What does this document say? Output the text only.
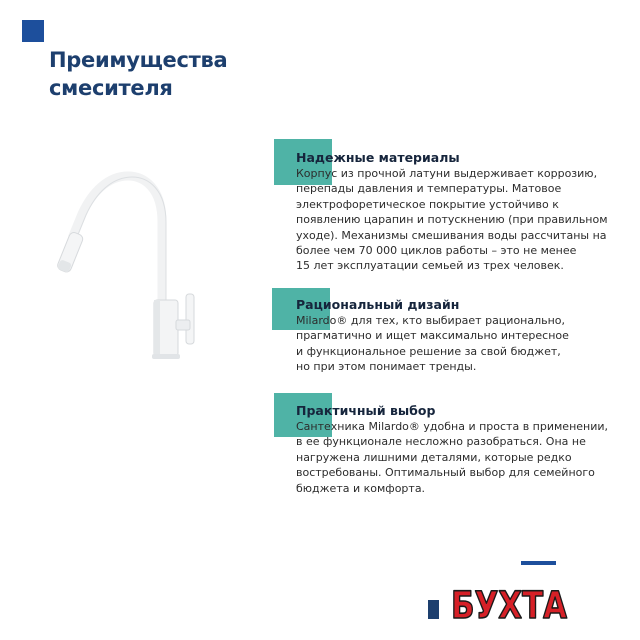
Преимущества
смесителя
Надежные материалы
Корпус из прочной латуни выдерживает коррозию,
перепады давления и температуры. Матовое
электрофоретическое покрытие устойчиво к
появлению царапин и потускнению (при правильном
уходе). Механизмы смешивания воды рассчитаны на
более чем 70 000 циклов работы – это не менее
15 лет эксплуатации семьей из трех человек.
Рациональный дизайн
Milardo® для тех, кто выбирает рационально,
прагматично и ищет максимально интересное
и функциональное решение за свой бюджет,
но при этом понимает тренды.
Практичный выбор
Сантехника Milardo® удобна и проста в применении,
в ее функционале несложно разобраться. Она не
нагружена лишними деталями, которые редко
востребованы. Оптимальный выбор для семейного
бюджета и комфорта.
БУХТА
БУХТА
